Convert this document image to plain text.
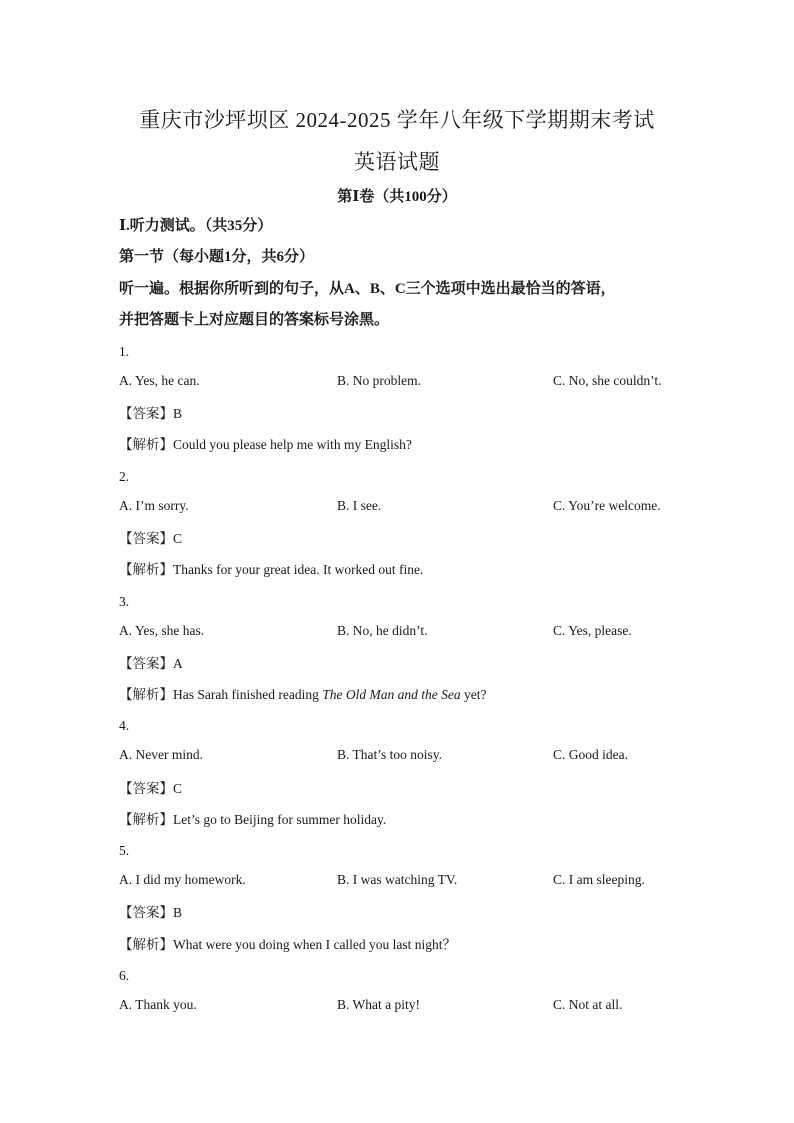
重庆市沙坪坝区 2024-2025 学年八年级下学期期末考试
英语试题
第Ⅰ卷（共100分）
Ⅰ.听力测试。（共35分）
第一节（每小题1分，共6分）
听一遍。根据你所听到的句子，从A、B、C三个选项中选出最恰当的答语，
并把答题卡上对应题目的答案标号涂黑。
1.
A. Yes, he can.	B. No problem.	C. No, she couldn’t.
【答案】B
【解析】Could you please help me with my English?
2.
A. I’m sorry.	B. I see.	C. You’re welcome.
【答案】C
【解析】Thanks for your great idea. It worked out fine.
3.
A. Yes, she has.	B. No, he didn’t.	C. Yes, please.
【答案】A
【解析】Has Sarah finished reading The Old Man and the Sea yet?
4.
A. Never mind.	B. That’s too noisy.	C. Good idea.
【答案】C
【解析】Let’s go to Beijing for summer holiday.
5.
A. I did my homework.	B. I was watching TV.	C. I am sleeping.
【答案】B
【解析】What were you doing when I called you last night？
6.
A. Thank you.	B. What a pity!	C. Not at all.
